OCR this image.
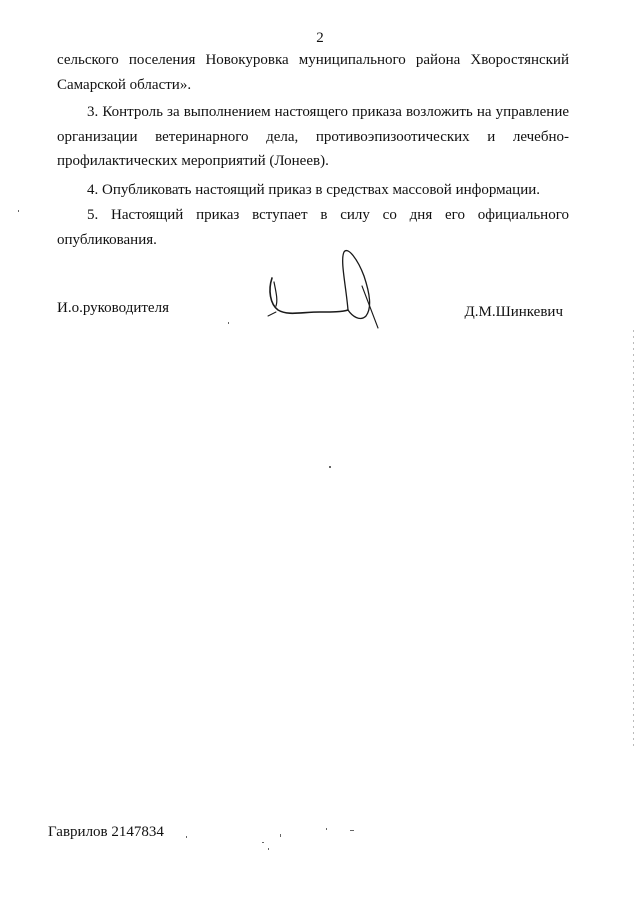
2

сельского поселения Новокуровка муниципального района Хворостянский Самарской области».

3. Контроль за выполнением настоящего приказа возложить на управление организации ветеринарного дела, противоэпизоотических и лечебно-профилактических мероприятий (Лонеев).

4. Опубликовать настоящий приказ в средствах массовой информации.

5. Настоящий приказ вступает в силу со дня его официального опубликования.

И.о.руководителя	Д.М.Шинкевич
Гаврилов 2147834
